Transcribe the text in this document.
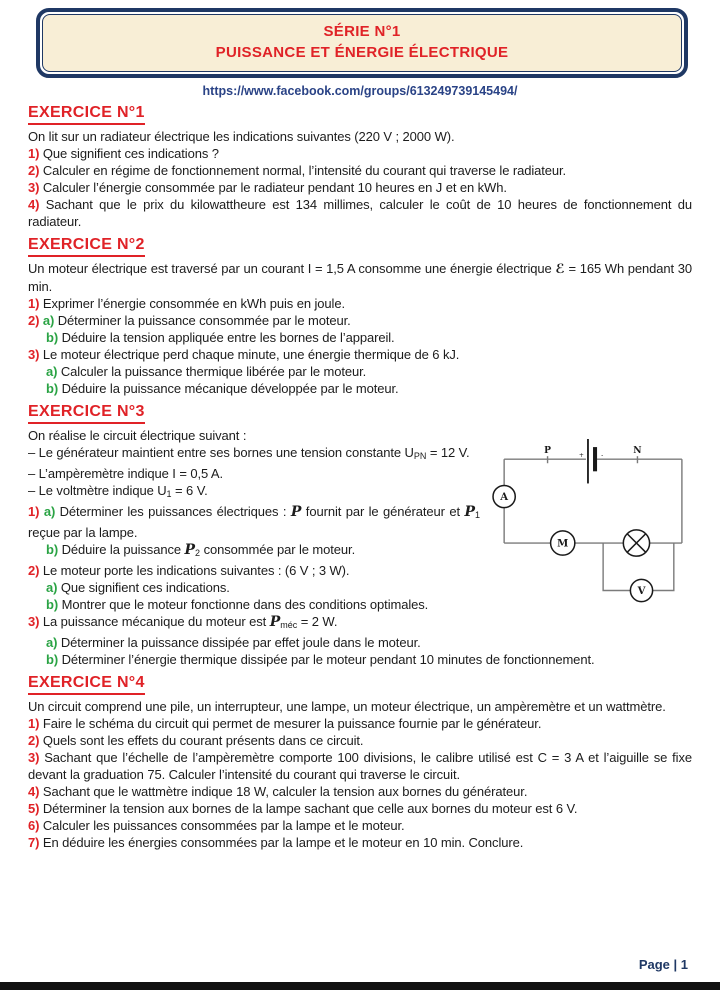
SÉRIE N°1
PUISSANCE ET ÉNERGIE ÉLECTRIQUE
https://www.facebook.com/groups/613249739145494/
EXERCICE N°1
On lit sur un radiateur électrique les indications suivantes (220 V ; 2000 W).
1) Que signifient ces indications ?
2) Calculer en régime de fonctionnement normal, l’intensité du courant qui traverse le radiateur.
3) Calculer l’énergie consommée par le radiateur pendant 10 heures en J et en kWh.
4) Sachant que le prix du kilowattheure est 134 millimes, calculer le coût de 10 heures de fonctionnement du radiateur.
EXERCICE N°2
Un moteur électrique est traversé par un courant I = 1,5 A consomme une énergie électrique ℰ = 165 Wh pendant 30 min.
1) Exprimer l’énergie consommée en kWh puis en joule.
2) a) Déterminer la puissance consommée par le moteur.
b) Déduire la tension appliquée entre les bornes de l’appareil.
3) Le moteur électrique perd chaque minute, une énergie thermique de 6 kJ.
a) Calculer la puissance thermique libérée par le moteur.
b) Déduire la puissance mécanique développée par le moteur.
EXERCICE N°3
+	-
P	N
A
M
V
On réalise le circuit électrique suivant :
– Le générateur maintient entre ses bornes une tension constante UPN = 12 V.
– L’ampèremètre indique I = 0,5 A.
– Le voltmètre indique U1 = 6 V.
1) a) Déterminer les puissances électriques : P fournit par le générateur et P1 reçue par la lampe.
b) Déduire la puissance P2 consommée par le moteur.
2) Le moteur porte les indications suivantes : (6 V ; 3 W).
a) Que signifient ces indications.
b) Montrer que le moteur fonctionne dans des conditions optimales.
3) La puissance mécanique du moteur est Pméc = 2 W.
a) Déterminer la puissance dissipée par effet joule dans le moteur.
b) Déterminer l’énergie thermique dissipée par le moteur pendant 10 minutes de fonctionnement.
EXERCICE N°4
Un circuit comprend une pile, un interrupteur, une lampe, un moteur électrique, un ampèremètre et un wattmètre.
1) Faire le schéma du circuit qui permet de mesurer la puissance fournie par le générateur.
2) Quels sont les effets du courant présents dans ce circuit.
3) Sachant que l’échelle de l’ampèremètre comporte 100 divisions, le calibre utilisé est C = 3 A et l’aiguille se fixe devant la graduation 75. Calculer l’intensité du courant qui traverse le circuit.
4) Sachant que le wattmètre indique 18 W, calculer la tension aux bornes du générateur.
5) Déterminer la tension aux bornes de la lampe sachant que celle aux bornes du moteur est 6 V.
6) Calculer les puissances consommées par la lampe et le moteur.
7) En déduire les énergies consommées par la lampe et le moteur en 10 min. Conclure.
Page | 1
